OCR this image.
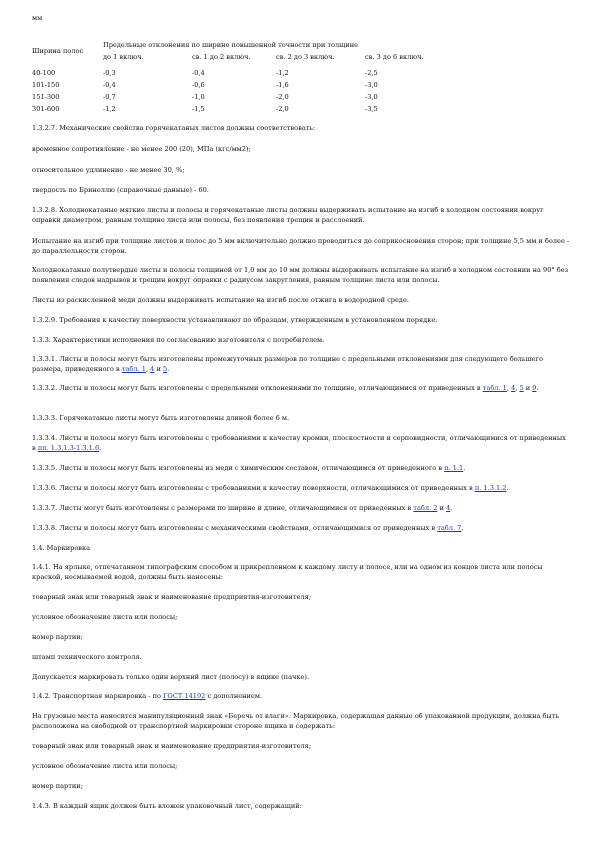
мм
Ширина полос
Предельные отклонения по ширине повышенной точности при толщине
до 1 включ.	св. 1 до 2 включ.	св. 2 до 3 включ.	св. 3 до 6 включ.
40-100	-0,3	-0,4	-1,2	-2,5
101-150	-0,4	-0,6	-1,6	-3,0
151-300	-0,7	-1,0	-2,0	-3,0
301-600	-1,2	-1,5	-2,0	-3,5
1.3.2.7. Механические свойства горячекатаных листов должны соответствовать:
временное сопротивление - не менее 200 (20), МПа (кгс/мм2);
относительное удлинение - не менее 30, %;
твердость по Бринеллю (справочные данные) - 60.
1.3.2.8. Холоднокатаные мягкие листы и полосы и горячекатаные листы должны выдерживать испытание на изгиб в холодном состоянии вокруг оправки диаметром, равным толщине листа или полосы, без появления трещин и расслоений.
Испытание на изгиб при толщине листов и полос до 5 мм включительно должно проводиться до соприкосновения сторон; при толщине 5,5 мм и более - до параллельности сторон.
Холоднокатаные полутвердые листы и полосы толщиной от 1,0 мм до 10 мм должны выдерживать испытание на изгиб в холодном состоянии на 90° без появления следов надрывов и трещин вокруг оправки с радиусом закругления, равным толщине листа или полосы.
Листы из раскисленной меди должны выдерживать испытание на изгиб после отжига в водородной среде.
1.3.2.9. Требования к качеству поверхности устанавливают по образцам, утвержденным в установленном порядке.
1.3.3. Характеристики исполнения по согласованию изготовителя с потребителем.
1.3.3.1. Листы и полосы могут быть изготовлены промежуточных размеров по толщине с предельными отклонениями для следующего большего размера, приведенного в табл. 1, 4 и 5.
1.3.3.2. Листы и полосы могут быть изготовлены с предельными отклонениями по толщине, отличающимися от приведенных в табл. 1, 4, 5 и 9.
1.3.3.3. Горячекатаные листы могут быть изготовлены длиной более 6 м.
1.3.3.4. Листы и полосы могут быть изготовлены с требованиями к качеству кромки, плоскостности и серповидности, отличающимися от приведенных в пп. 1.3.1.3-1.3.1.6.
1.3.3.5. Листы и полосы могут быть изготовлены из меди с химическим составом, отличающимся от приведенного в п. 1.1.
1.3.3.6. Листы и полосы могут быть изготовлены с требованиями к качеству поверхности, отличающимися от приведенных в п. 1.3.1.2.
1.3.3.7. Листы могут быть изготовлены с размерами по ширине и длине, отличающимися от приведенных в табл. 2 и 4.
1.3.3.8. Листы и полосы могут быть изготовлены с механическими свойствами, отличающимися от приведенных в табл. 7.
1.4. Маркировка
1.4.1. На ярлыке, отпечатанном типографским способом и прикрепленном к каждому листу и полосе, или на одном из концов листа или полосы краской, несмываемой водой, должны быть нанесены:
товарный знак или товарный знак и наименование предприятия-изготовителя;
условное обозначение листа или полосы;
номер партии;
штамп технического контроля.
Допускается маркировать только один верхний лист (полосу) в ящике (пачке).
1.4.2. Транспортная маркировка - по ГОСТ 14192 с дополнением.
На грузовые места наносится манипуляционный знак «Беречь от влаги». Маркировка, содержащая данные об упакованной продукции, должна быть расположена на свободной от транспортной маркировки стороне ящика и содержать:
товарный знак или товарный знак и наименование предприятия-изготовителя;
условное обозначение листа или полосы;
номер партии;
1.4.3. В каждый ящик должен быть вложен упаковочный лист, содержащий:
